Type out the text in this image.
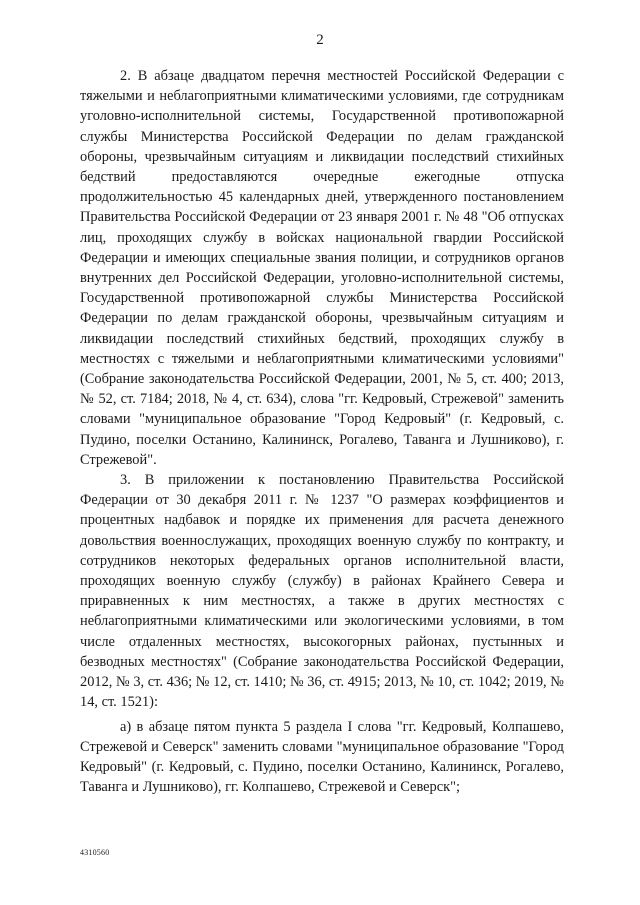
2

2. В абзаце двадцатом перечня местностей Российской Федерации с тяжелыми и неблагоприятными климатическими условиями, где сотрудникам уголовно-исполнительной системы, Государственной противопожарной службы Министерства Российской Федерации по делам гражданской обороны, чрезвычайным ситуациям и ликвидации последствий стихийных бедствий предоставляются очередные ежегодные отпуска продолжительностью 45 календарных дней, утвержденного постановлением Правительства Российской Федерации от 23 января 2001 г. № 48 "Об отпусках лиц, проходящих службу в войсках национальной гвардии Российской Федерации и имеющих специальные звания полиции, и сотрудников органов внутренних дел Российской Федерации, уголовно-исполнительной системы, Государственной противопожарной службы Министерства Российской Федерации по делам гражданской обороны, чрезвычайным ситуациям и ликвидации последствий стихийных бедствий, проходящих службу в местностях с тяжелыми и неблагоприятными климатическими условиями" (Собрание законодательства Российской Федерации, 2001, № 5, ст. 400; 2013, № 52, ст. 7184; 2018, № 4, ст. 634), слова "гг. Кедровый, Стрежевой" заменить словами "муниципальное образование "Город Кедровый" (г. Кедровый, с. Пудино, поселки Останино, Калининск, Рогалево, Таванга и Лушниково), г. Стрежевой".

3. В приложении к постановлению Правительства Российской Федерации от 30 декабря 2011 г. № 1237 "О размерах коэффициентов и процентных надбавок и порядке их применения для расчета денежного довольствия военнослужащих, проходящих военную службу по контракту, и сотрудников некоторых федеральных органов исполнительной власти, проходящих военную службу (службу) в районах Крайнего Севера и приравненных к ним местностях, а также в других местностях с неблагоприятными климатическими или экологическими условиями, в том числе отдаленных местностях, высокогорных районах, пустынных и безводных местностях" (Собрание законодательства Российской Федерации, 2012, № 3, ст. 436; № 12, ст. 1410; № 36, ст. 4915; 2013, № 10, ст. 1042; 2019, № 14, ст. 1521):

а) в абзаце пятом пункта 5 раздела I слова "гг. Кедровый, Колпашево, Стрежевой и Северск" заменить словами "муниципальное образование "Город Кедровый" (г. Кедровый, с. Пудино, поселки Останино, Калининск, Рогалево, Таванга и Лушниково), гг. Колпашево, Стрежевой и Северск";

4310560
